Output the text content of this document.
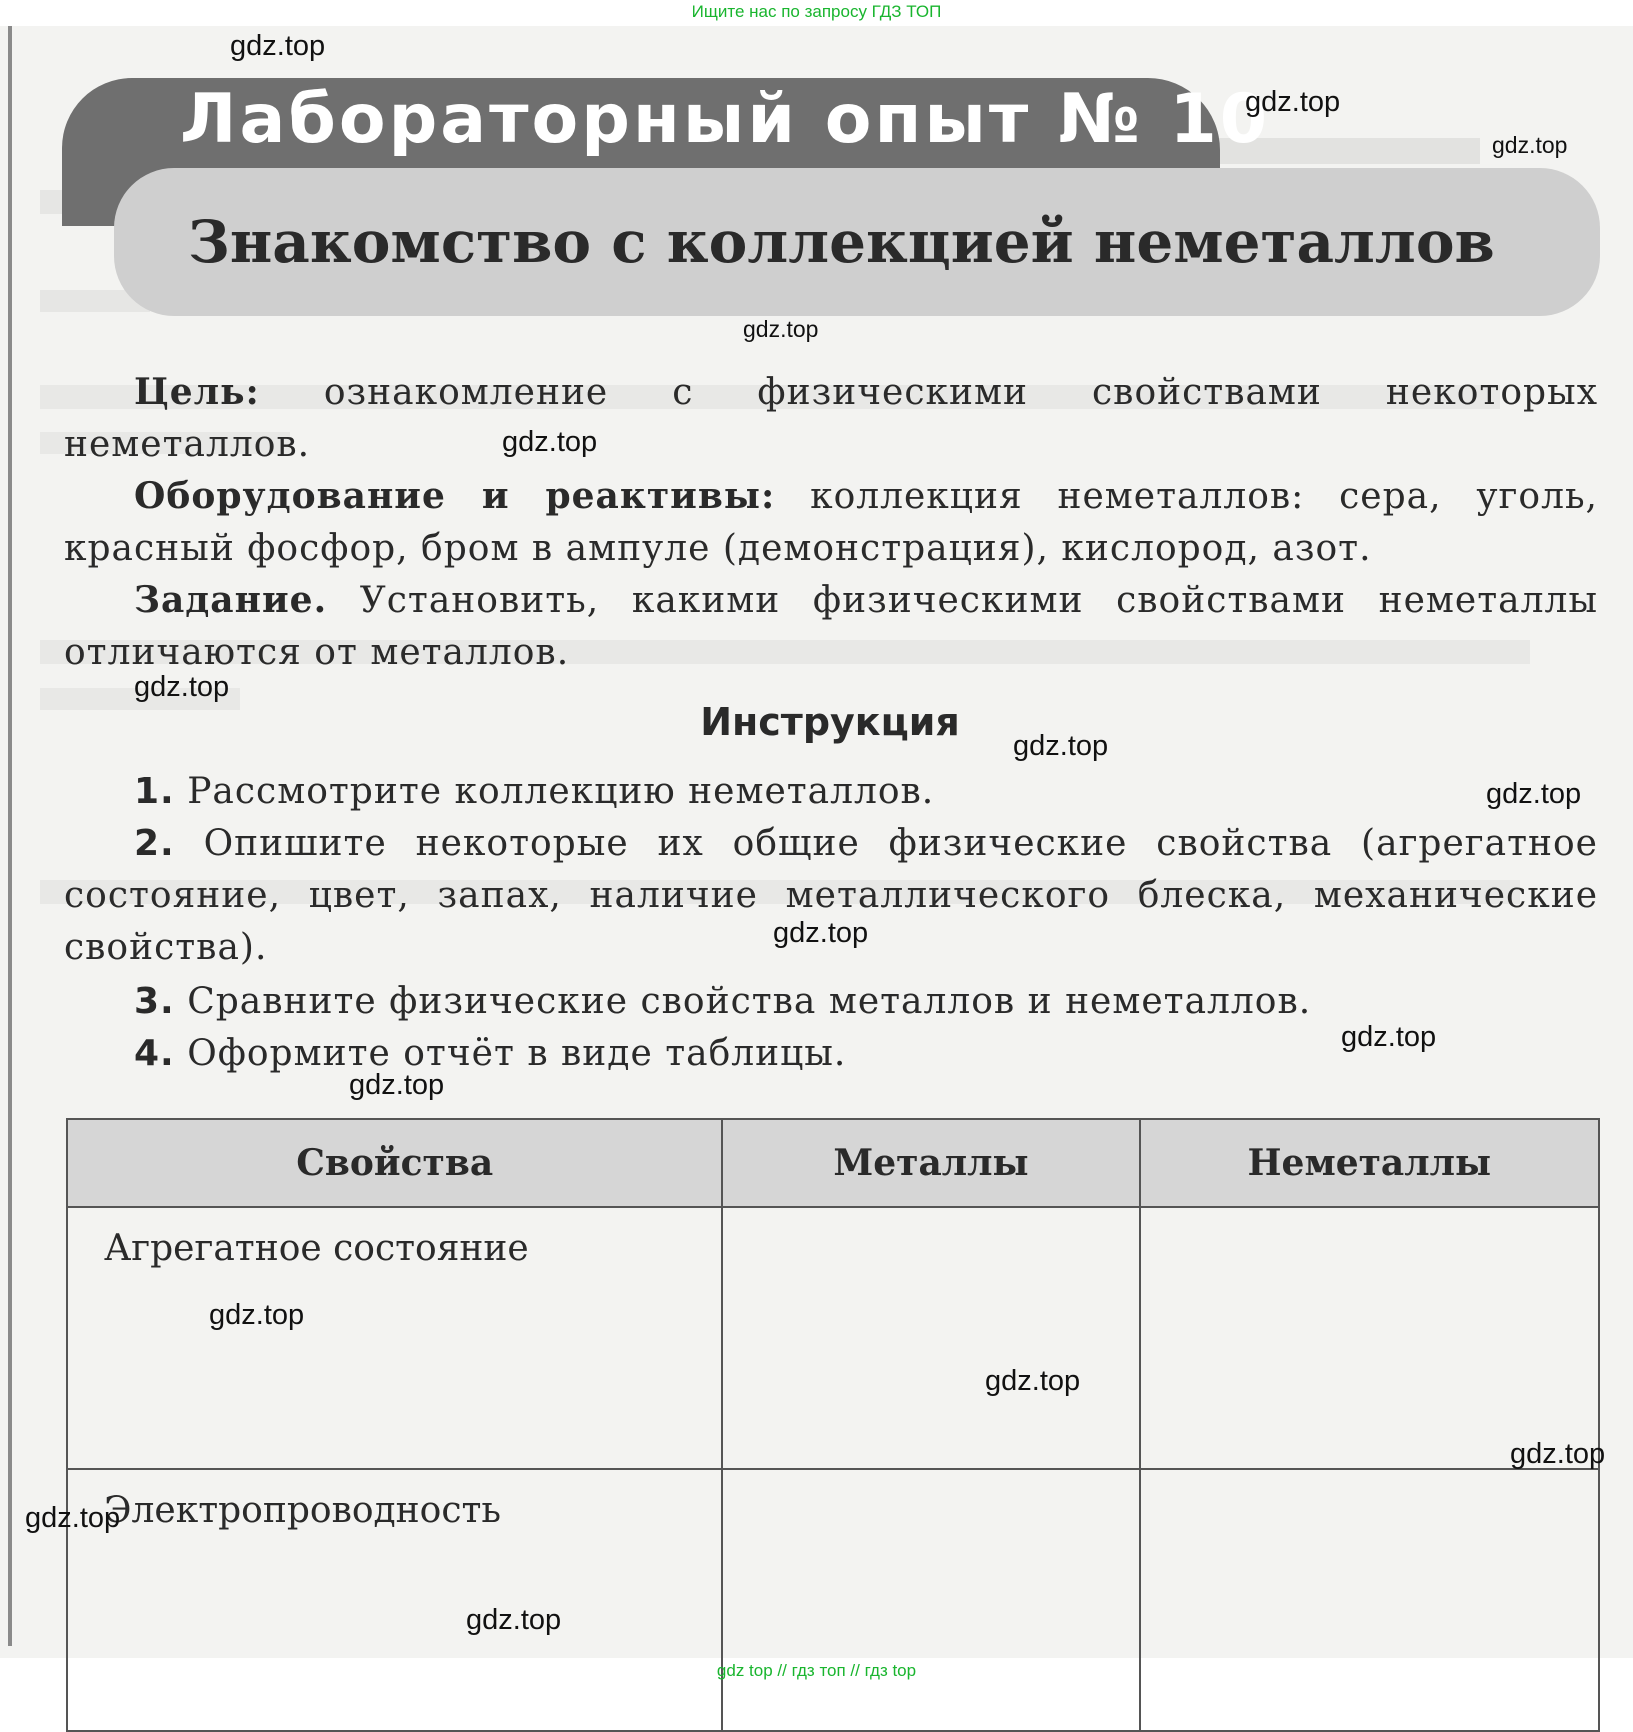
Ищите нас по запросу ГДЗ ТОП
Лабораторный опыт № 10
Знакомство с коллекцией неметаллов
Цель: ознакомление с физическими свойствами некоторых неметаллов.
Оборудование и реактивы: коллекция неметаллов: сера, уголь, красный фосфор, бром в ампуле (демонстрация), кислород, азот.
Задание. Установить, какими физическими свойствами неметаллы отличаются от металлов.
Инструкция
1. Рассмотрите коллекцию неметаллов.
2. Опишите некоторые их общие физические свойства (агрегатное состояние, цвет, запах, наличие металлического блеска, механические свойства).
3. Сравните физические свойства металлов и неметаллов.
4. Оформите отчёт в виде таблицы.
Свойства	Металлы	Неметаллы
Агрегатное состояние		
Электропроводность		
gdz.top
gdz.top
gdz.top
gdz.top
gdz.top
gdz.top
gdz.top
gdz.top
gdz.top
gdz.top
gdz.top
gdz.top
gdz.top
gdz.top
gdz.top
gdz.top
gdz top // гдз топ // гдз top
